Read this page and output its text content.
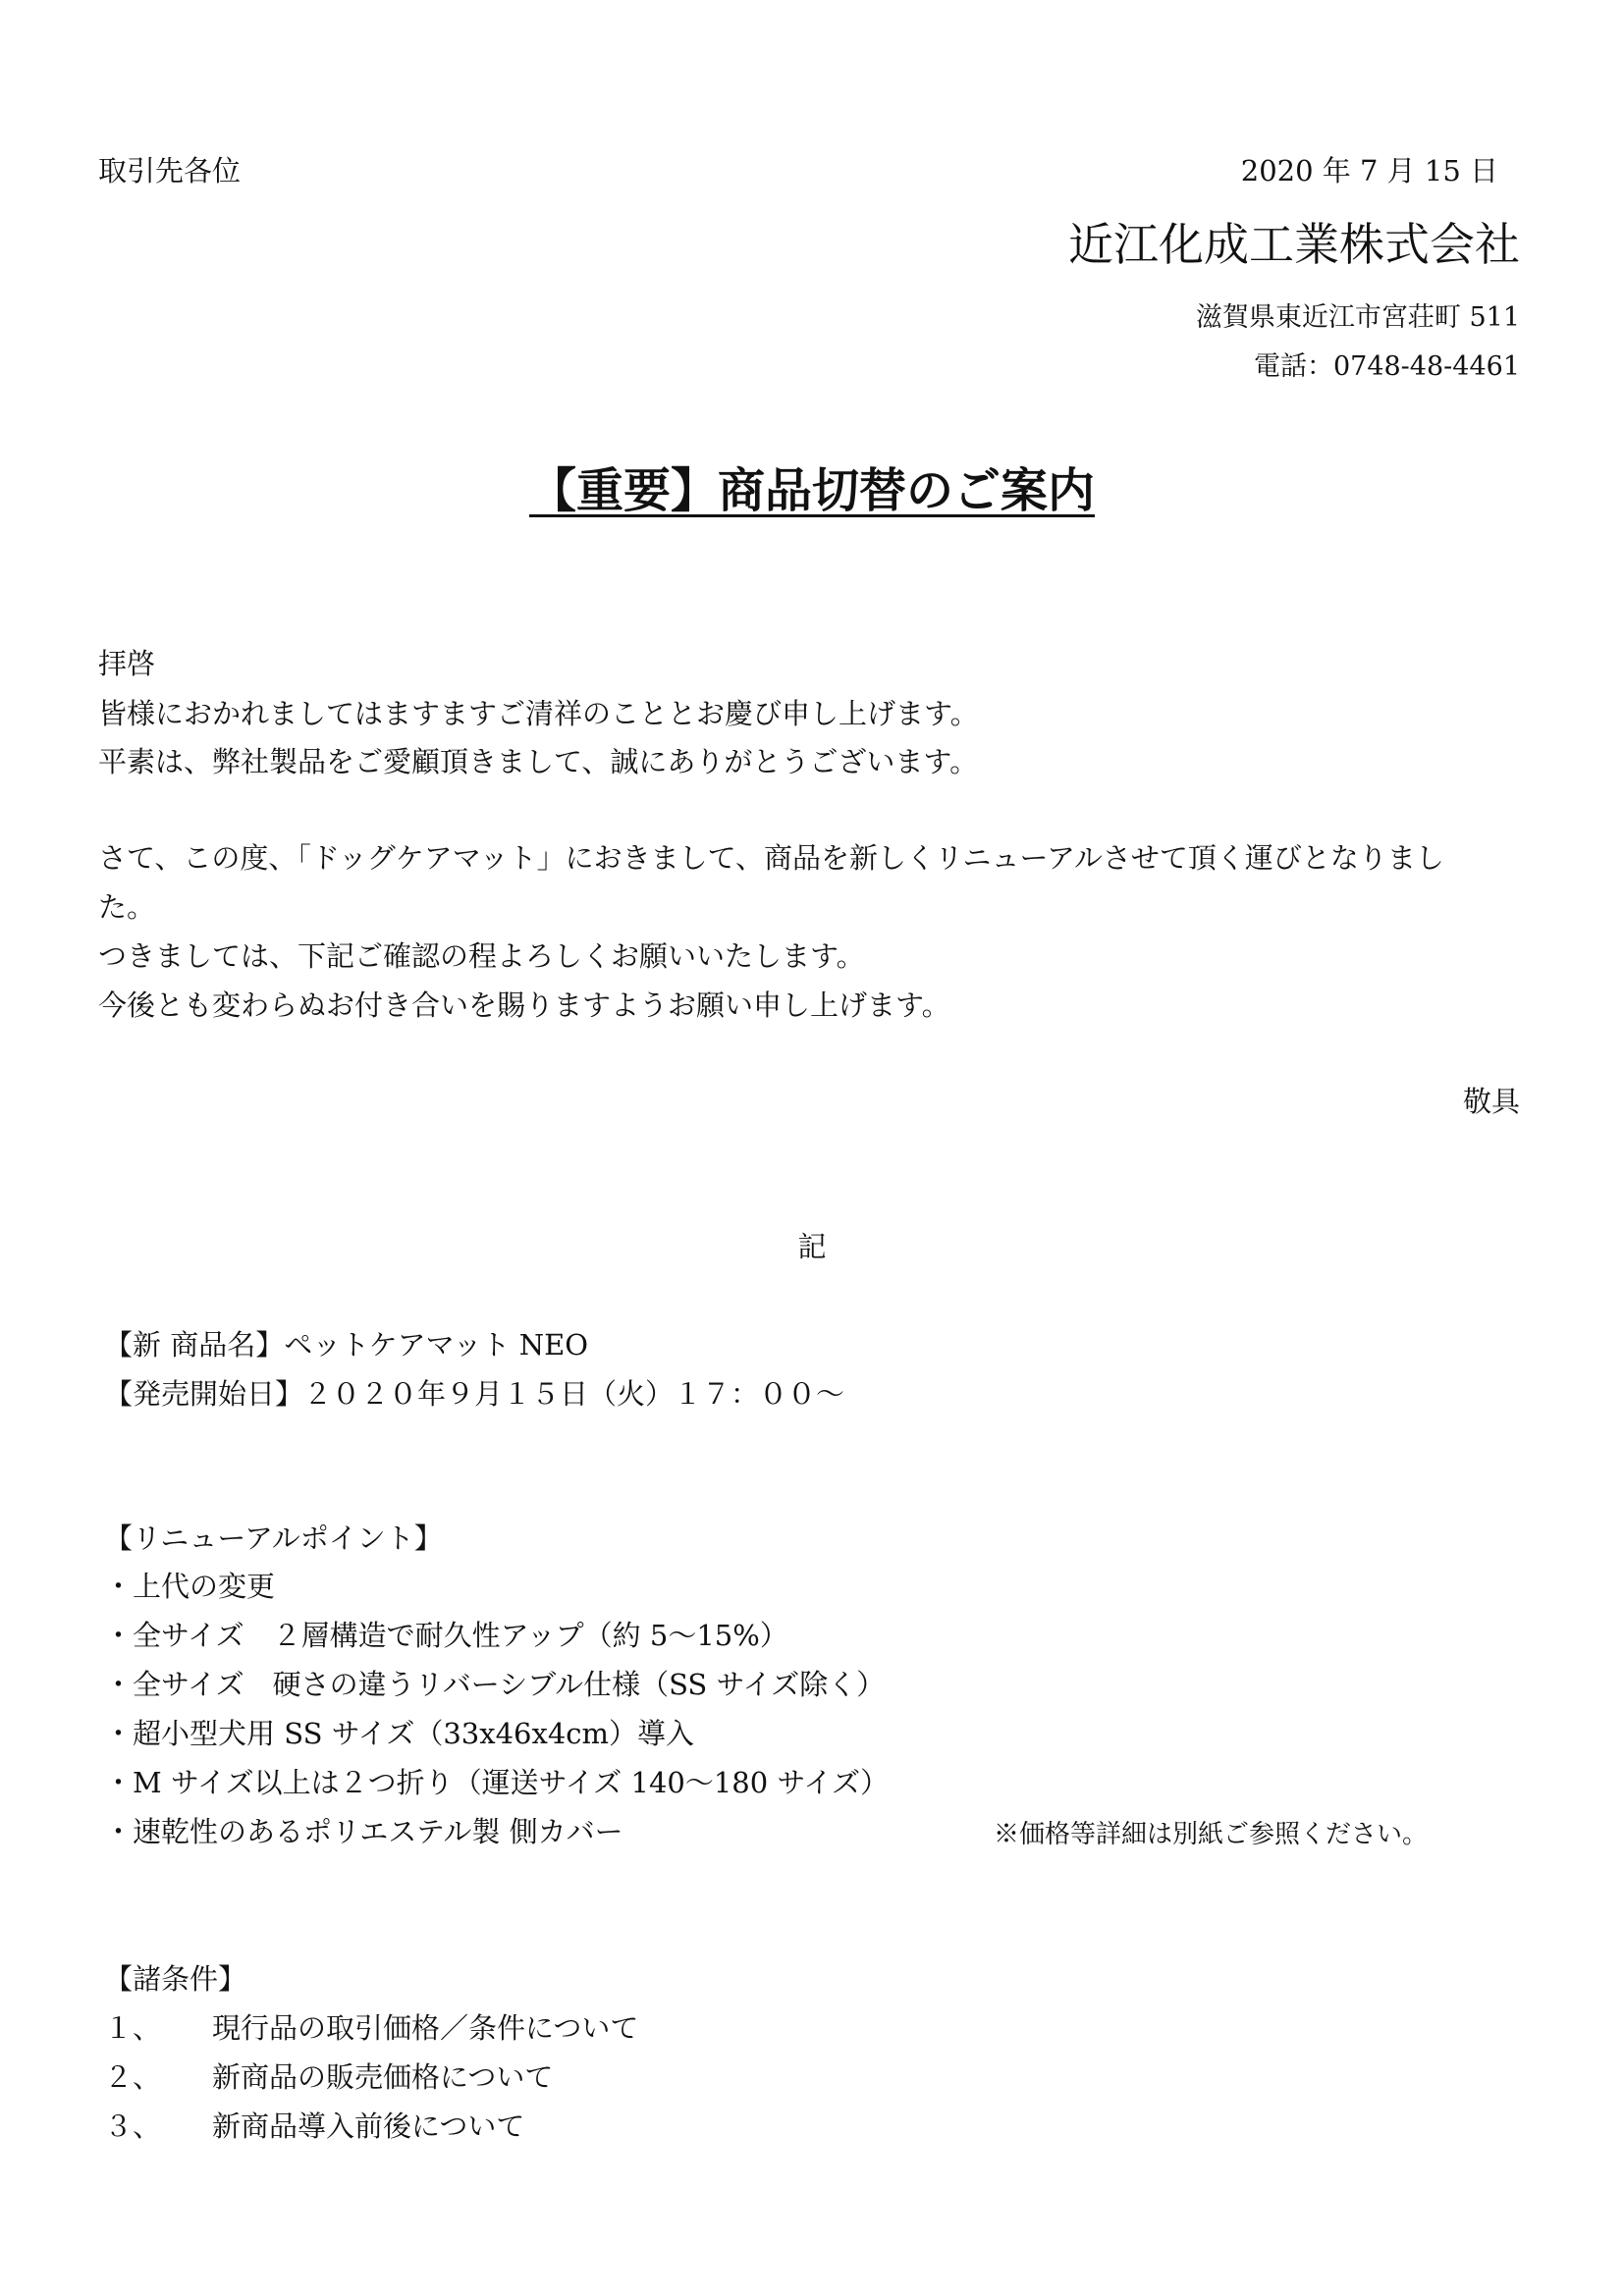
取引先各位	2020 年 7 月 15 日
近江化成工業株式会社
滋賀県東近江市宮荘町 511
電話：0748-48-4461
【重要】商品切替のご案内
拝啓
皆様におかれましてはますますご清祥のこととお慶び申し上げます。
平素は、弊社製品をご愛顧頂きまして、誠にありがとうございます。
さて、この度、「ドッグケアマット」におきまして、商品を新しくリニューアルさせて頂く運びとなりまし
た。
つきましては、下記ご確認の程よろしくお願いいたします。
今後とも変わらぬお付き合いを賜りますようお願い申し上げます。
敬具
記
【新 商品名】ペットケアマット NEO
【発売開始日】２０２０年９月１５日（火）１７：００～
【リニューアルポイント】
・上代の変更
・全サイズ　２層構造で耐久性アップ（約 5～15%）
・全サイズ　硬さの違うリバーシブル仕様（SS サイズ除く）
・超小型犬用 SS サイズ（33x46x4cm）導入
・M サイズ以上は２つ折り（運送サイズ 140～180 サイズ）
・速乾性のあるポリエステル製 側カバー	※価格等詳細は別紙ご参照ください。
【諸条件】
１、 現行品の取引価格／条件について
２、 新商品の販売価格について
３、 新商品導入前後について
